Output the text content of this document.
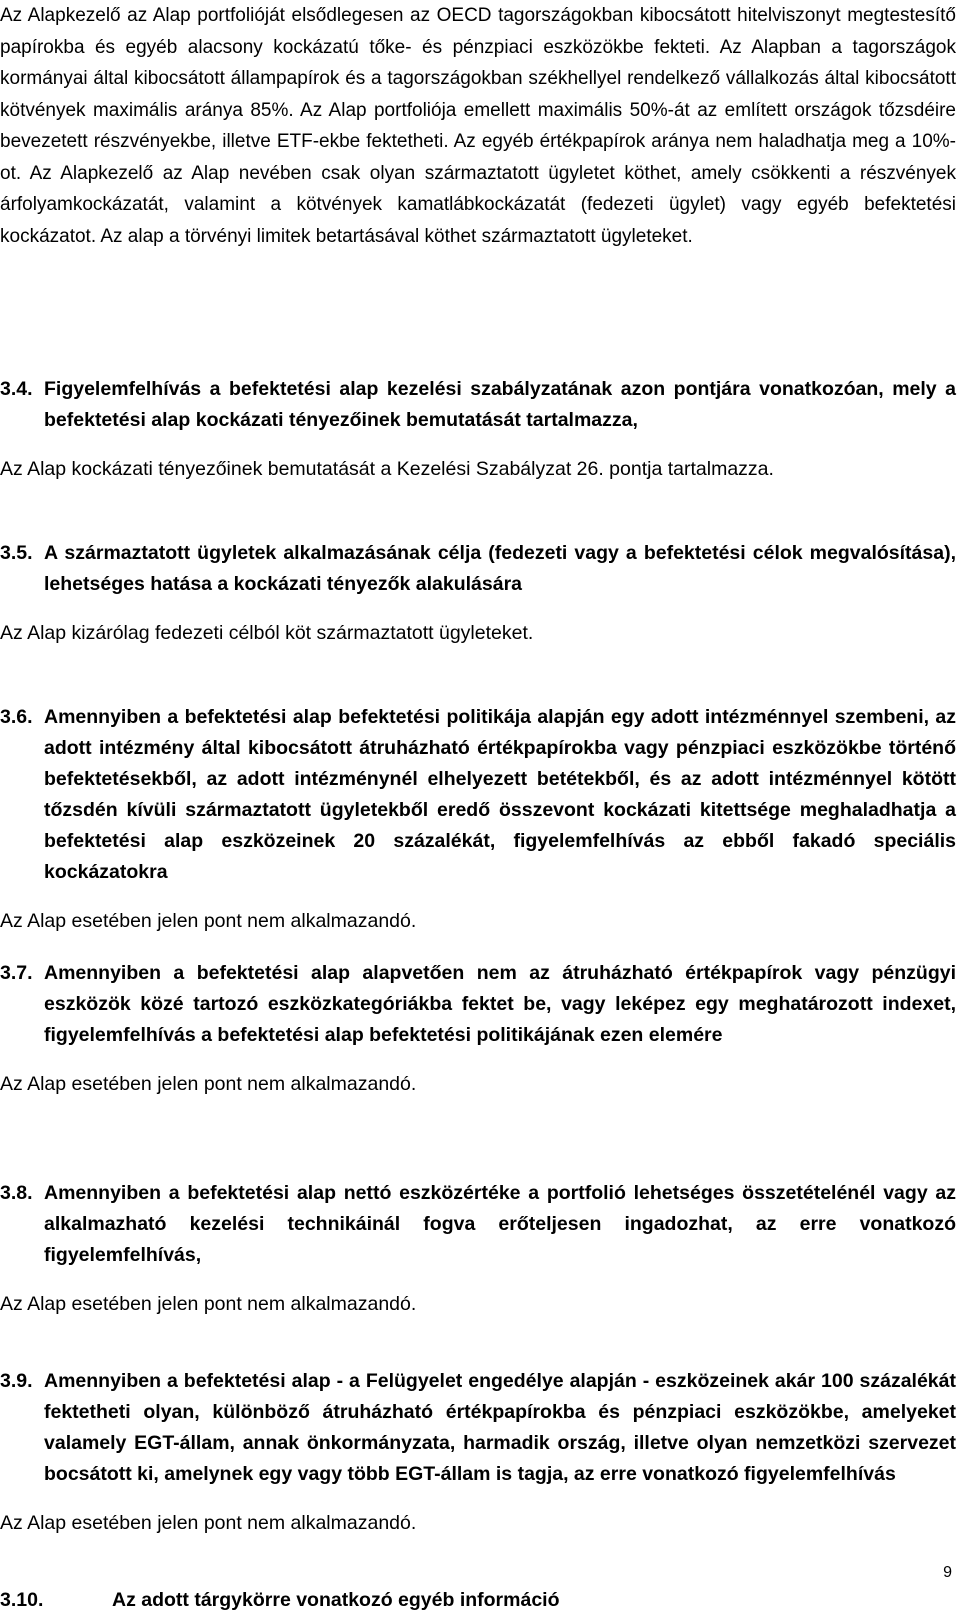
Az Alapkezelő az Alap portfolióját elsődlegesen az OECD tagországokban kibocsátott hitelviszonyt megtestesítő papírokba és egyéb alacsony kockázatú tőke- és pénzpiaci eszközökbe fekteti. Az Alapban a tagországok kormányai által kibocsátott állampapírok és a tagországokban székhellyel rendelkező vállalkozás által kibocsátott kötvények maximális aránya 85%. Az Alap portfoliója emellett maximális 50%-át az említett országok tőzsdéire bevezetett részvényekbe, illetve ETF-ekbe fektetheti. Az egyéb értékpapírok aránya nem haladhatja meg a 10%-ot. Az Alapkezelő az Alap nevében csak olyan származtatott ügyletet köthet, amely csökkenti a részvények árfolyamkockázatát, valamint a kötvények kamatlábkockázatát (fedezeti ügylet) vagy egyéb befektetési kockázatot. Az alap a törvényi limitek betartásával köthet származtatott ügyleteket.
3.4. Figyelemfelhívás a befektetési alap kezelési szabályzatának azon pontjára vonatkozóan, mely a befektetési alap kockázati tényezőinek bemutatását tartalmazza,
Az Alap kockázati tényezőinek bemutatását a Kezelési Szabályzat 26. pontja tartalmazza.
3.5. A származtatott ügyletek alkalmazásának célja (fedezeti vagy a befektetési célok megvalósítása), lehetséges hatása a kockázati tényezők alakulására
Az Alap kizárólag fedezeti célból köt származtatott ügyleteket.
3.6. Amennyiben a befektetési alap befektetési politikája alapján egy adott intézménnyel szembeni, az adott intézmény által kibocsátott átruházható értékpapírokba vagy pénzpiaci eszközökbe történő befektetésekből, az adott intézménynél elhelyezett betétekből, és az adott intézménnyel kötött tőzsdén kívüli származtatott ügyletekből eredő összevont kockázati kitettsége meghaladhatja a befektetési alap eszközeinek 20 százalékát, figyelemfelhívás az ebből fakadó speciális kockázatokra
Az Alap esetében jelen pont nem alkalmazandó.
3.7. Amennyiben a befektetési alap alapvetően nem az átruházható értékpapírok vagy pénzügyi eszközök közé tartozó eszközkategóriákba fektet be, vagy leképez egy meghatározott indexet, figyelemfelhívás a befektetési alap befektetési politikájának ezen elemére
Az Alap esetében jelen pont nem alkalmazandó.
3.8. Amennyiben a befektetési alap nettó eszközértéke a portfolió lehetséges összetételénél vagy az alkalmazható kezelési technikáinál fogva erőteljesen ingadozhat, az erre vonatkozó figyelemfelhívás,
Az Alap esetében jelen pont nem alkalmazandó.
3.9. Amennyiben a befektetési alap - a Felügyelet engedélye alapján - eszközeinek akár 100 százalékát fektetheti olyan, különböző átruházható értékpapírokba és pénzpiaci eszközökbe, amelyeket valamely EGT-állam, annak önkormányzata, harmadik ország, illetve olyan nemzetközi szervezet bocsátott ki, amelynek egy vagy több EGT-állam is tagja, az erre vonatkozó figyelemfelhívás
Az Alap esetében jelen pont nem alkalmazandó.
3.10.	Az adott tárgykörre vonatkozó egyéb információ
9
